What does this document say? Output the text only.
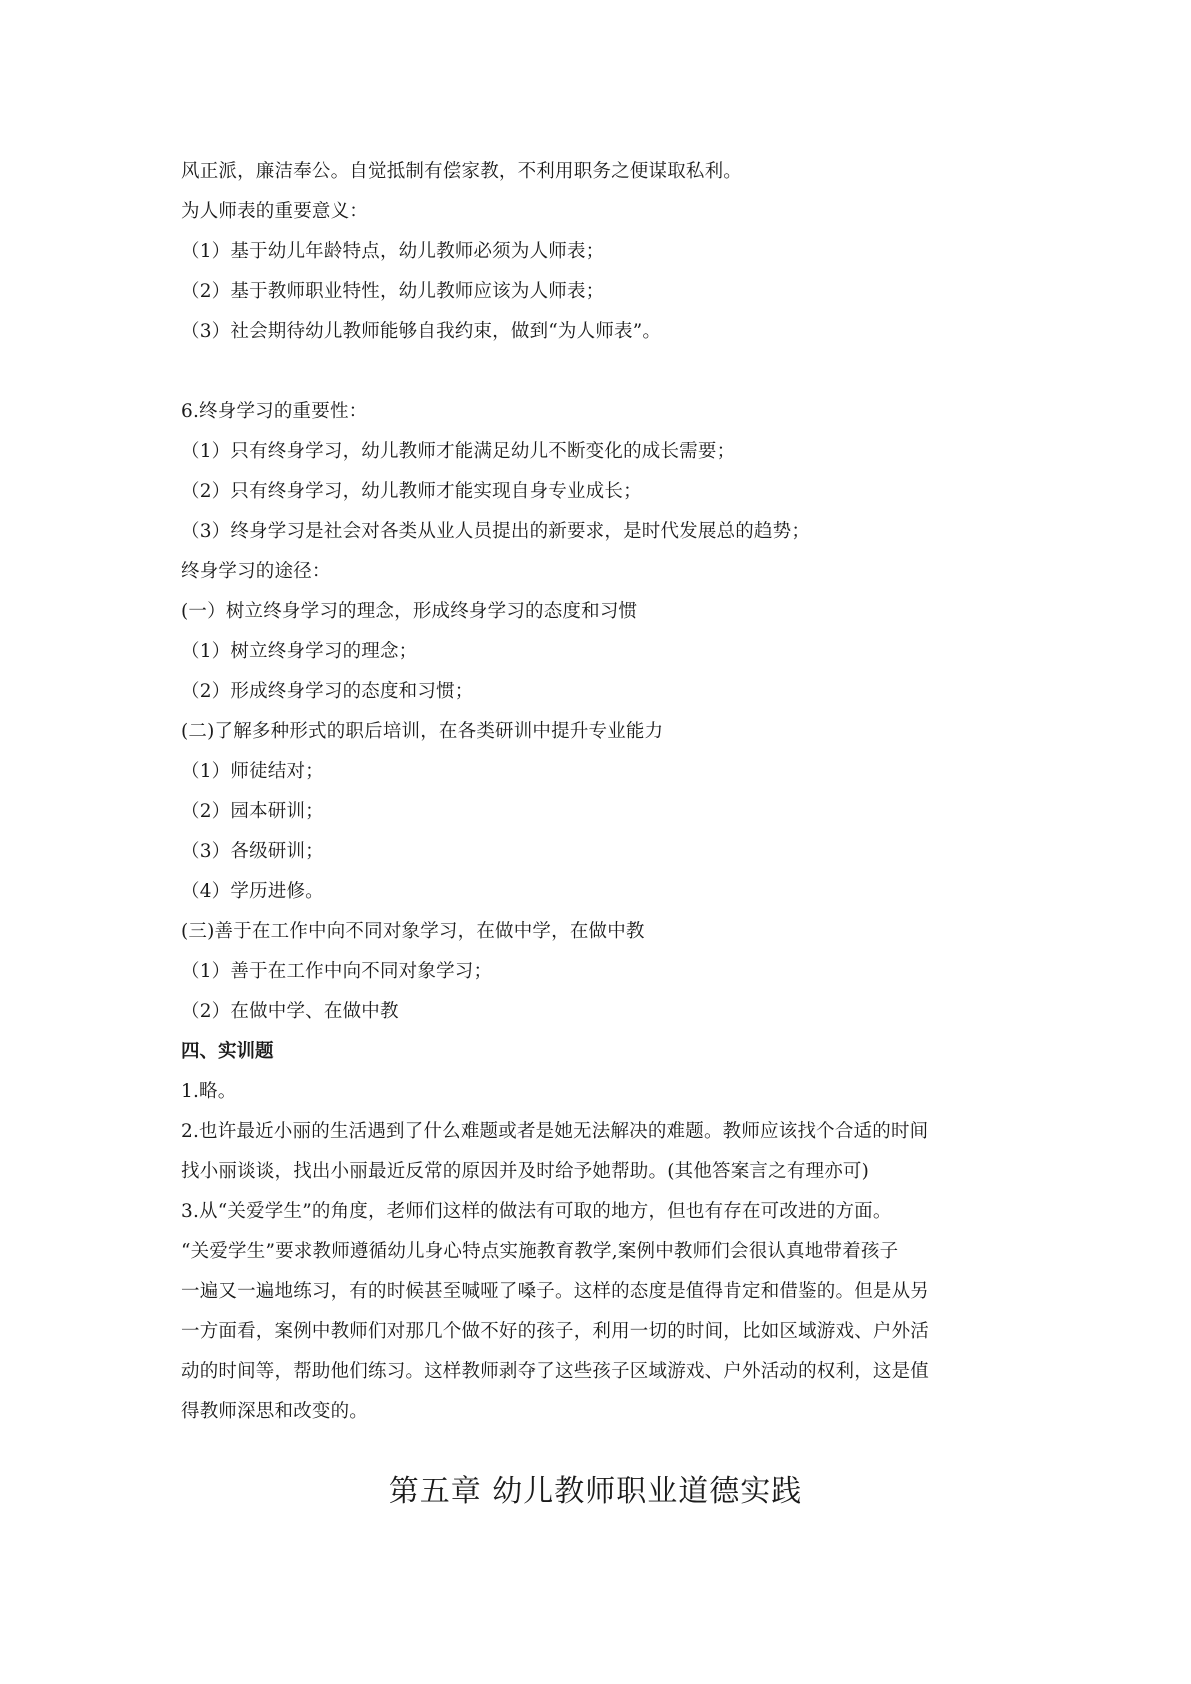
风正派，廉洁奉公。自觉抵制有偿家教，不利用职务之便谋取私利。
为人师表的重要意义：
（1）基于幼儿年龄特点，幼儿教师必须为人师表；
（2）基于教师职业特性，幼儿教师应该为人师表；
（3）社会期待幼儿教师能够自我约束，做到“为人师表”。
6.终身学习的重要性：
（1）只有终身学习，幼儿教师才能满足幼儿不断变化的成长需要；
（2）只有终身学习，幼儿教师才能实现自身专业成长；
（3）终身学习是社会对各类从业人员提出的新要求，是时代发展总的趋势；
终身学习的途径：
(一）树立终身学习的理念，形成终身学习的态度和习惯
（1）树立终身学习的理念；
（2）形成终身学习的态度和习惯；
(二)了解多种形式的职后培训，在各类研训中提升专业能力
（1）师徒结对；
（2）园本研训；
（3）各级研训；
（4）学历进修。
(三)善于在工作中向不同对象学习，在做中学，在做中教
（1）善于在工作中向不同对象学习；
（2）在做中学、在做中教
四、实训题
1.略。
2.也许最近小丽的生活遇到了什么难题或者是她无法解决的难题。教师应该找个合适的时间
找小丽谈谈，找出小丽最近反常的原因并及时给予她帮助。(其他答案言之有理亦可)
3.从“关爱学生”的角度，老师们这样的做法有可取的地方，但也有存在可改进的方面。
“关爱学生”要求教师遵循幼儿身心特点实施教育教学,案例中教师们会很认真地带着孩子
一遍又一遍地练习，有的时候甚至喊哑了嗓子。这样的态度是值得肯定和借鉴的。但是从另
一方面看，案例中教师们对那几个做不好的孩子，利用一切的时间，比如区域游戏、户外活
动的时间等，帮助他们练习。这样教师剥夺了这些孩子区域游戏、户外活动的权利，这是值
得教师深思和改变的。
第五章 幼儿教师职业道德实践
